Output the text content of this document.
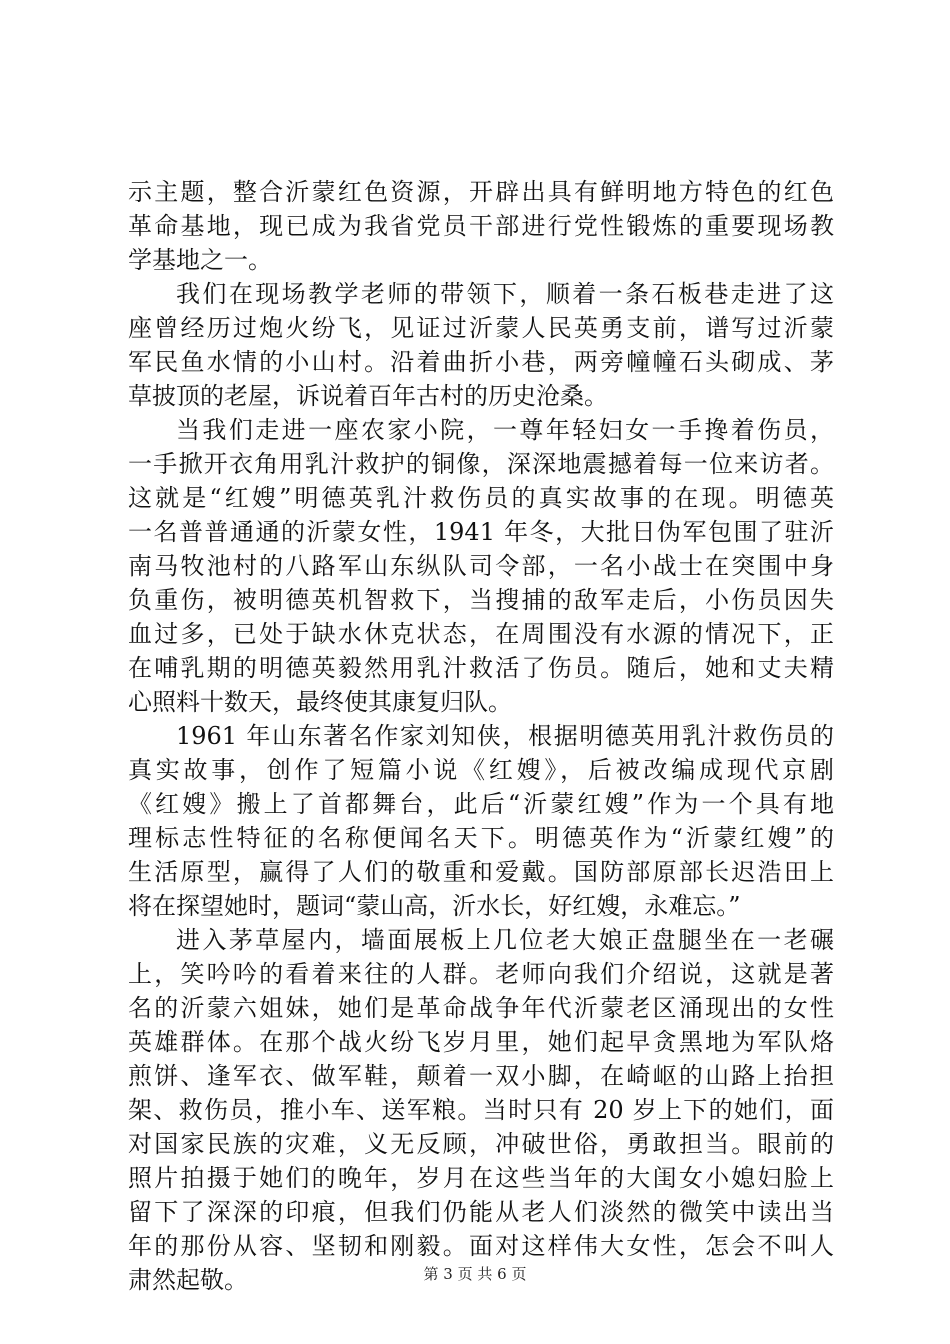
示主题，整合沂蒙红色资源，开辟出具有鲜明地方特色的红色
革命基地，现已成为我省党员干部进行党性锻炼的重要现场教
学基地之一。
我们在现场教学老师的带领下，顺着一条石板巷走进了这
座曾经历过炮火纷飞，见证过沂蒙人民英勇支前，谱写过沂蒙
军民鱼水情的小山村。沿着曲折小巷，两旁幢幢石头砌成、茅
草披顶的老屋，诉说着百年古村的历史沧桑。
当我们走进一座农家小院，一尊年轻妇女一手搀着伤员，
一手掀开衣角用乳汁救护的铜像，深深地震撼着每一位来访者。
这就是“红嫂”明德英乳汁救伤员的真实故事的在现。明德英
一名普普通通的沂蒙女性，1941 年冬，大批日伪军包围了驻沂
南马牧池村的八路军山东纵队司令部，一名小战士在突围中身
负重伤，被明德英机智救下，当搜捕的敌军走后，小伤员因失
血过多，已处于缺水休克状态，在周围没有水源的情况下，正
在哺乳期的明德英毅然用乳汁救活了伤员。随后，她和丈夫精
心照料十数天，最终使其康复归队。
1961 年山东著名作家刘知侠，根据明德英用乳汁救伤员的
真实故事，创作了短篇小说《红嫂》，后被改编成现代京剧
《红嫂》搬上了首都舞台，此后“沂蒙红嫂”作为一个具有地
理标志性特征的名称便闻名天下。明德英作为“沂蒙红嫂”的
生活原型，赢得了人们的敬重和爱戴。国防部原部长迟浩田上
将在探望她时，题词“蒙山高，沂水长，好红嫂，永难忘。”
进入茅草屋内，墙面展板上几位老大娘正盘腿坐在一老碾
上，笑吟吟的看着来往的人群。老师向我们介绍说，这就是著
名的沂蒙六姐妹，她们是革命战争年代沂蒙老区涌现出的女性
英雄群体。在那个战火纷飞岁月里，她们起早贪黑地为军队烙
煎饼、逢军衣、做军鞋，颠着一双小脚，在崎岖的山路上抬担
架、救伤员，推小车、送军粮。当时只有 20 岁上下的她们，面
对国家民族的灾难，义无反顾，冲破世俗，勇敢担当。眼前的
照片拍摄于她们的晚年，岁月在这些当年的大闺女小媳妇脸上
留下了深深的印痕，但我们仍能从老人们淡然的微笑中读出当
年的那份从容、坚韧和刚毅。面对这样伟大女性，怎会不叫人
肃然起敬。	第 3 页 共 6 页
